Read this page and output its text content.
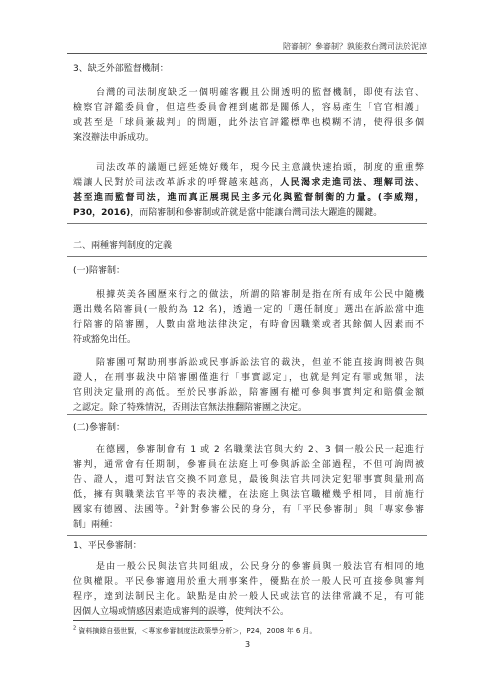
陪審制？參審制？孰能救台灣司法於泥淖
3、缺乏外部監督機制：
台灣的司法制度缺乏一個明確客觀且公開透明的監督機制，即使有法官、
檢察官評鑑委員會，但這些委員會裡到處都是關係人，容易產生「官官相護」
或甚至是「球員兼裁判」的問題，此外法官評鑑標準也模糊不清，使得很多個
案沒辦法申訴成功。
司法改革的議題已經延燒好幾年，現今民主意識快速抬頭，制度的重重弊
端讓人民對於司法改革訴求的呼聲越來越高，人民渴求走進司法、理解司法、
甚至進而監督司法，進而真正展現民主多元化與監督制衡的力量。(李威翔，
P30，2016)，而陪審制和參審制或許就是當中能讓台灣司法大躍進的關鍵。
二、兩種審判制度的定義
(一)陪審制：
根據英美各國歷來行之的做法，所謂的陪審制是指在所有成年公民中隨機
選出幾名陪審員(一般約為 12 名)，透過一定的「選任制度」選出在訴訟當中進
行陪審的陪審團，人數由當地法律決定，有時會因職業或者其餘個人因素而不
符或豁免出任。
陪審團可幫助刑事訴訟或民事訴訟法官的裁決，但並不能直接詢問被告與
證人，在刑事裁決中陪審團僅進行「事實認定」，也就是判定有罪或無罪，法
官則決定量刑的高低。至於民事訴訟，陪審團有權可參與事實判定和賠償金額
之認定。除了特殊情況，否則法官無法推翻陪審團之決定。
(二)參審制：
在德國，參審制會有 1 或 2 名職業法官與大約 2、3 個一般公民一起進行
審判，通常會有任期制，參審員在法庭上可參與訴訟全部過程，不但可詢問被
告、證人，還可對法官交換不同意見，最後與法官共同決定犯罪事實與量刑高
低，擁有與職業法官平等的表決權，在法庭上與法官職權幾乎相同，目前施行
國家有德國、法國等。$^2$針對參審公民的身分，有「平民參審制」與「專家參審
制」兩種：
1、平民參審制：
是由一般公民與法官共同組成，公民身分的參審員與一般法官有相同的地
位與權限。平民參審適用於重大刑事案件，優點在於一般人民可直接參與審判
程序，達到法制民主化。缺點是由於一般人民或法官的法律常識不足，有可能
因個人立場或情感因素造成審判的誤導，使判決不公。
$^2$ 資料摘錄自張世賢，＜專家參審制度法政策學分析＞，P24，2008 年 6 月。
3
